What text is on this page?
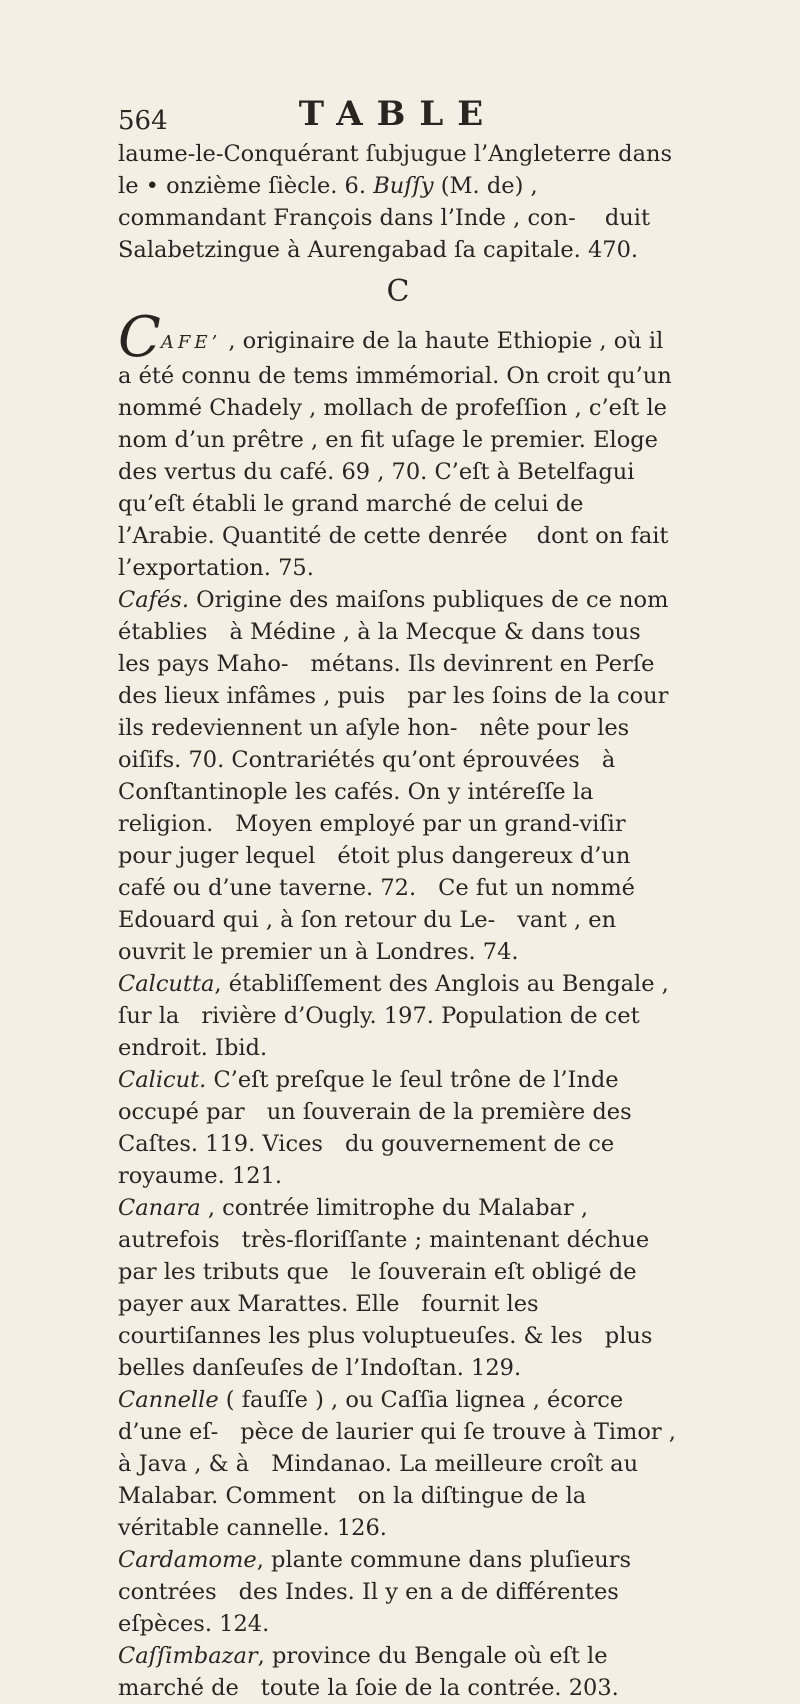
564	TABLE
laume-le-Conquérant ſubjugue l’Angleterre dans le • onzième ſiècle. 6. Buſſy (M. de) , commandant François dans l’Inde , con- duit Salabetzingue à Aurengabad ſa capitale. 470.
C
CAFE’ , originaire de la haute Ethiopie , où il a été connu de tems immémorial. On croit qu’un nommé Chadely , mollach de profeſſion , c’eſt le nom d’un prêtre , en fit uſage le premier. Eloge des vertus du café. 69 , 70. C’eſt à Betelfagui qu’eſt établi le grand marché de celui de l’Arabie. Quantité de cette denrée dont on fait l’exportation. 75.
Cafés. Origine des maiſons publiques de ce nom établies à Médine , à la Mecque & dans tous les pays Maho- métans. Ils devinrent en Perſe des lieux infâmes , puis par les ſoins de la cour ils redeviennent un aſyle hon- nête pour les oiſifs. 70. Contrariétés qu’ont éprouvées à Conſtantinople les cafés. On y intéreſſe la religion. Moyen employé par un grand-viſir pour juger lequel étoit plus dangereux d’un café ou d’une taverne. 72. Ce fut un nommé Edouard qui , à ſon retour du Le- vant , en ouvrit le premier un à Londres. 74.
Calcutta, établiſſement des Anglois au Bengale , ſur la rivière d’Ougly. 197. Population de cet endroit. Ibid.
Calicut. C’eſt preſque le ſeul trône de l’Inde occupé par un ſouverain de la première des Caſtes. 119. Vices du gouvernement de ce royaume. 121.
Canara , contrée limitrophe du Malabar , autrefois très-floriſſante ; maintenant déchue par les tributs que le ſouverain eſt obligé de payer aux Marattes. Elle fournit les courtiſannes les plus voluptueuſes. & les plus belles danſeuſes de l’Indoſtan. 129.
Cannelle ( fauſſe ) , ou Caſſia lignea , écorce d’une eſ- pèce de laurier qui ſe trouve à Timor , à Java , & à Mindanao. La meilleure croît au Malabar. Comment on la diſtingue de la véritable cannelle. 126.
Cardamome, plante commune dans pluſieurs contrées des Indes. Il y en a de différentes eſpèces. 124.
Caſſimbazar, province du Bengale où eſt le marché de toute la ſoie de la contrée. 203.
